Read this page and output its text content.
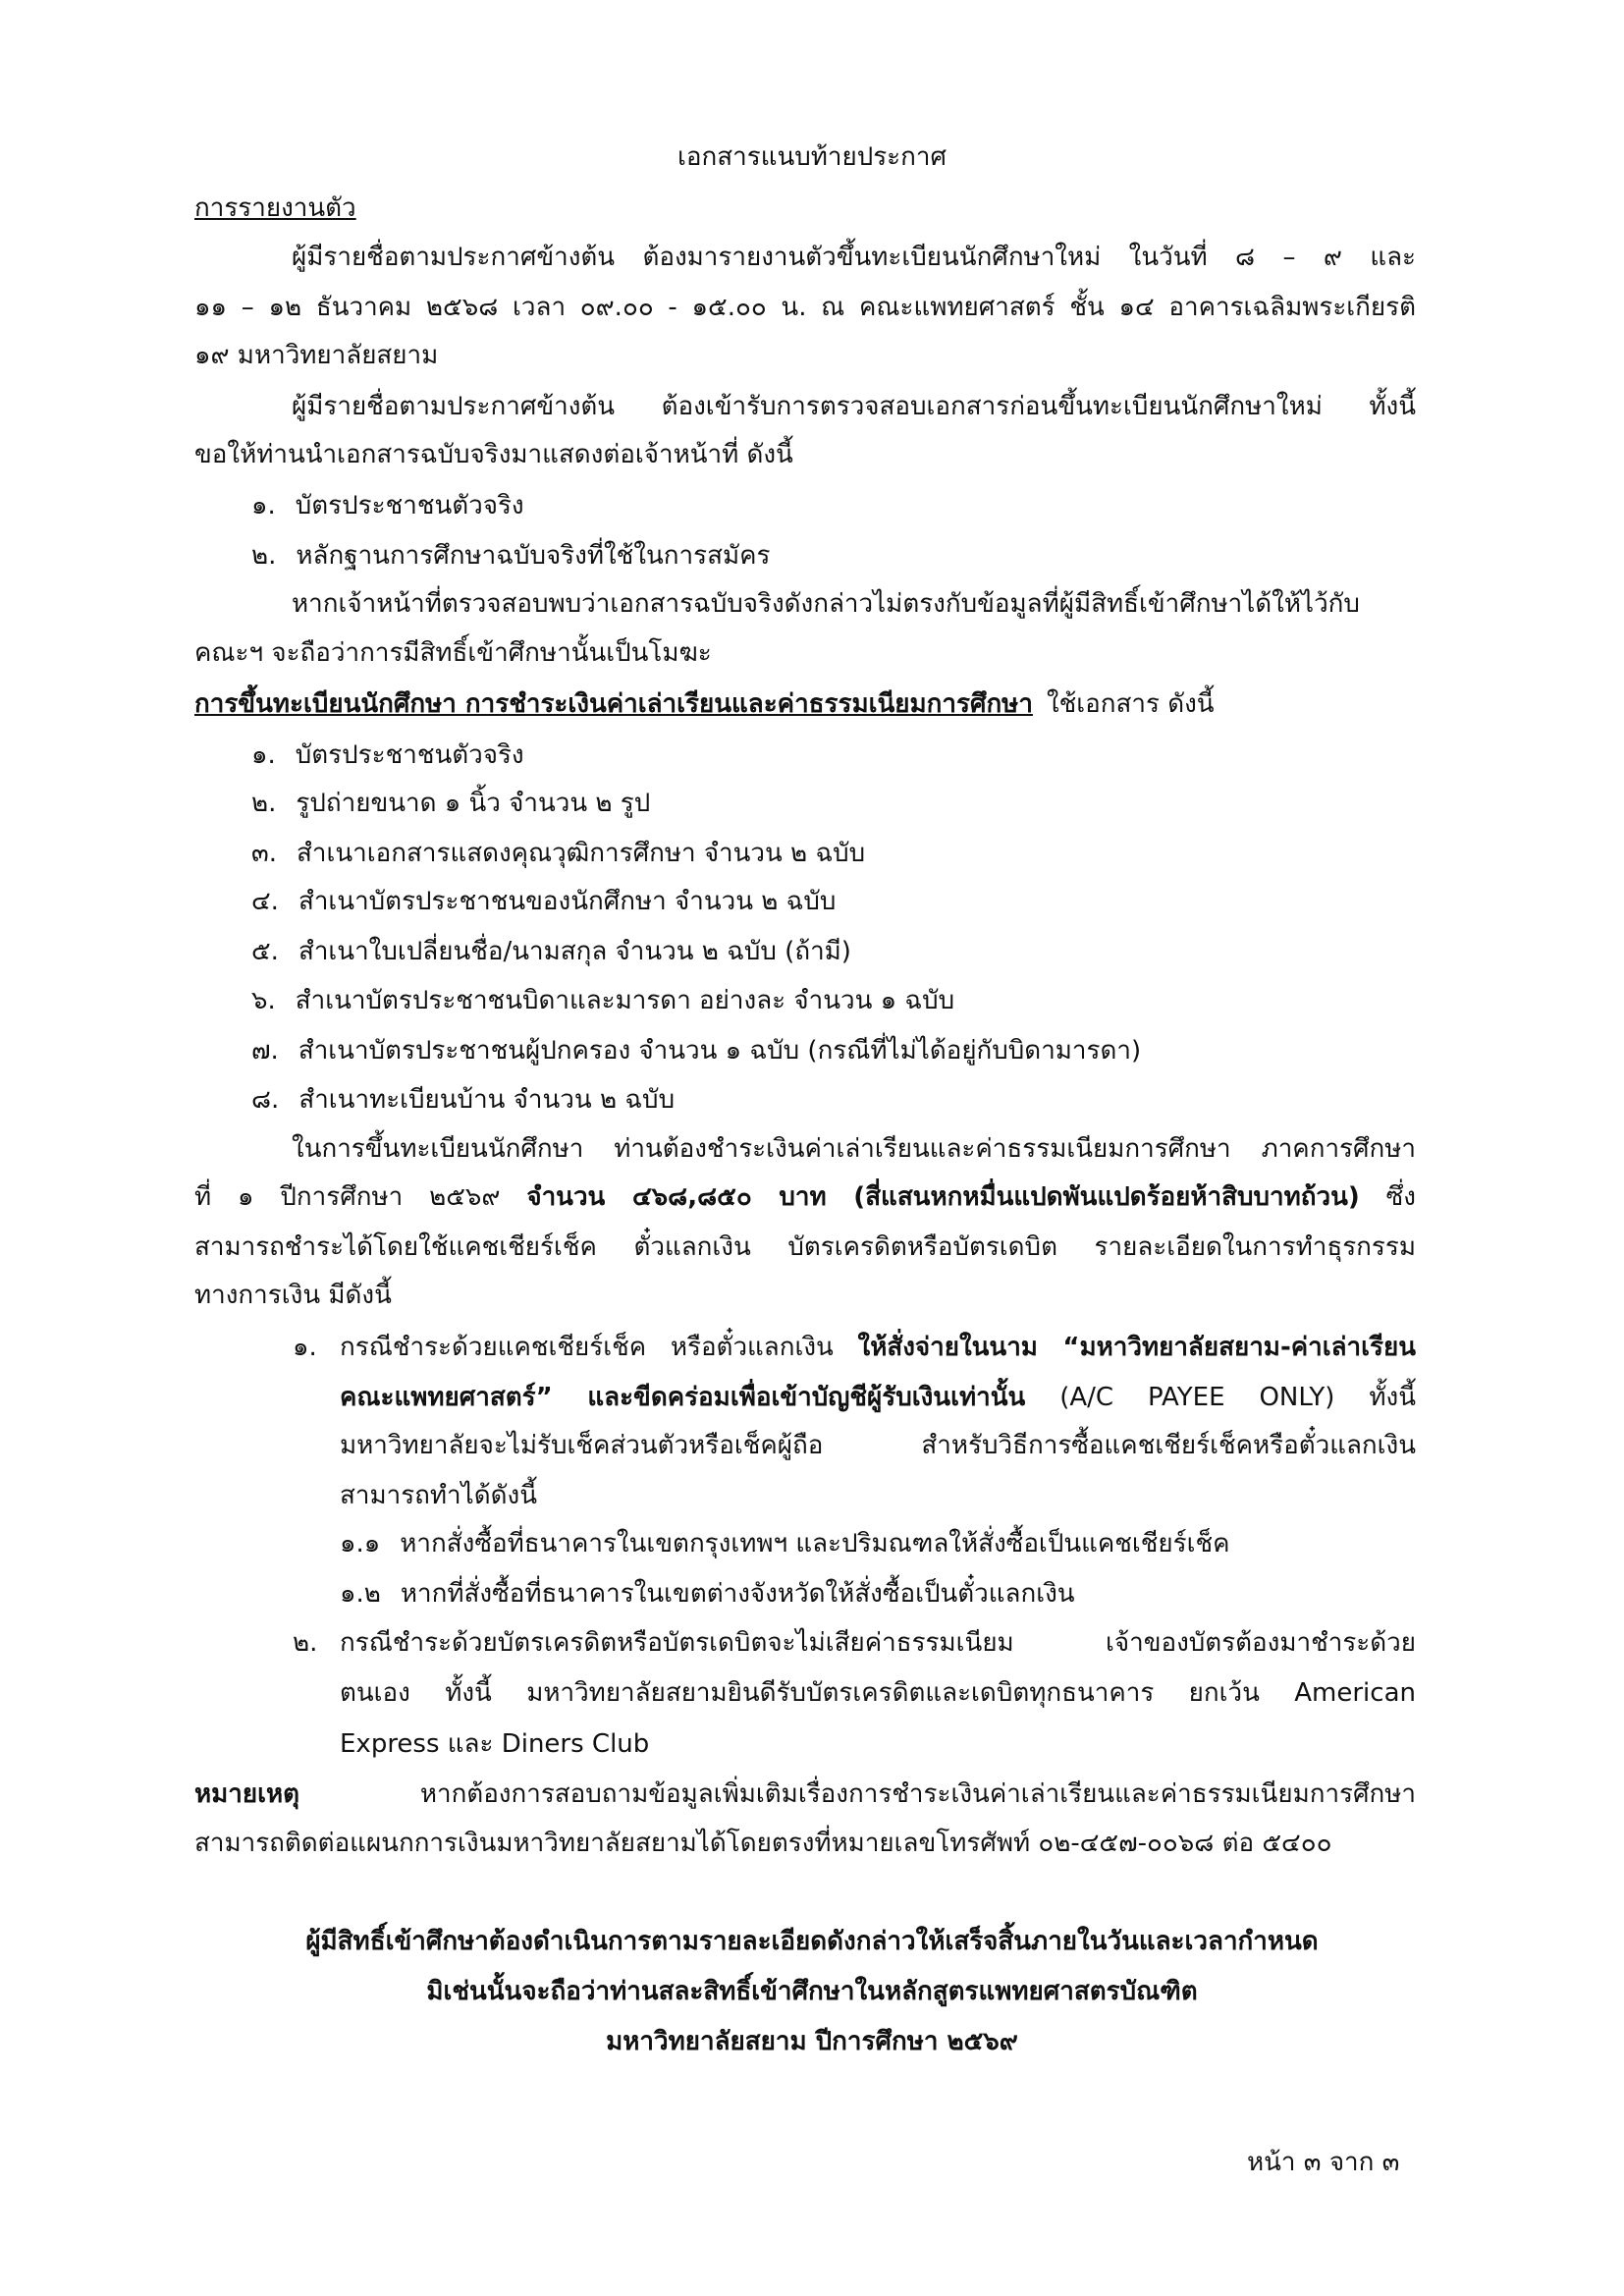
เอกสารแนบท้ายประกาศ
การรายงานตัว
ผู้มีรายชื่อตามประกาศข้างต้น ต้องมารายงานตัวขึ้นทะเบียนนักศึกษาใหม่ ในวันที่ ๘ – ๙ และ
๑๑ – ๑๒ ธันวาคม ๒๕๖๘ เวลา ๐๙.๐๐ - ๑๕.๐๐ น. ณ คณะแพทยศาสตร์ ชั้น ๑๔ อาคารเฉลิมพระเกียรติ
๑๙ มหาวิทยาลัยสยาม
ผู้มีรายชื่อตามประกาศข้างต้น ต้องเข้ารับการตรวจสอบเอกสารก่อนขึ้นทะเบียนนักศึกษาใหม่ ทั้งนี้
ขอให้ท่านนำเอกสารฉบับจริงมาแสดงต่อเจ้าหน้าที่ ดังนี้
๑. บัตรประชาชนตัวจริง
๒. หลักฐานการศึกษาฉบับจริงที่ใช้ในการสมัคร
หากเจ้าหน้าที่ตรวจสอบพบว่าเอกสารฉบับจริงดังกล่าวไม่ตรงกับข้อมูลที่ผู้มีสิทธิ์เข้าศึกษาได้ให้ไว้กับ
คณะฯ จะถือว่าการมีสิทธิ์เข้าศึกษานั้นเป็นโมฆะ
การขึ้นทะเบียนนักศึกษา การชำระเงินค่าเล่าเรียนและค่าธรรมเนียมการศึกษา ใช้เอกสาร ดังนี้
๑. บัตรประชาชนตัวจริง
๒. รูปถ่ายขนาด ๑ นิ้ว จำนวน ๒ รูป
๓. สำเนาเอกสารแสดงคุณวุฒิการศึกษา จำนวน ๒ ฉบับ
๔. สำเนาบัตรประชาชนของนักศึกษา จำนวน ๒ ฉบับ
๕. สำเนาใบเปลี่ยนชื่อ/นามสกุล จำนวน ๒ ฉบับ (ถ้ามี)
๖. สำเนาบัตรประชาชนบิดาและมารดา อย่างละ จำนวน ๑ ฉบับ
๗. สำเนาบัตรประชาชนผู้ปกครอง จำนวน ๑ ฉบับ (กรณีที่ไม่ได้อยู่กับบิดามารดา)
๘. สำเนาทะเบียนบ้าน จำนวน ๒ ฉบับ
ในการขึ้นทะเบียนนักศึกษา ท่านต้องชำระเงินค่าเล่าเรียนและค่าธรรมเนียมการศึกษา ภาคการศึกษา
ที่ ๑ ปีการศึกษา ๒๕๖๙ จำนวน ๔๖๘,๘๕๐ บาท (สี่แสนหกหมื่นแปดพันแปดร้อยห้าสิบบาทถ้วน) ซึ่ง
สามารถชำระได้โดยใช้แคชเชียร์เช็ค ตั๋วแลกเงิน บัตรเครดิตหรือบัตรเดบิต รายละเอียดในการทำธุรกรรม
ทางการเงิน มีดังนี้
๑. กรณีชำระด้วยแคชเชียร์เช็ค หรือตั๋วแลกเงิน ให้สั่งจ่ายในนาม “มหาวิทยาลัยสยาม-ค่าเล่าเรียน
คณะแพทยศาสตร์” และขีดคร่อมเพื่อเข้าบัญชีผู้รับเงินเท่านั้น (A/C PAYEE ONLY) ทั้งนี้
มหาวิทยาลัยจะไม่รับเช็คส่วนตัวหรือเช็คผู้ถือ สำหรับวิธีการซื้อแคชเชียร์เช็คหรือตั๋วแลกเงิน
สามารถทำได้ดังนี้
๑.๑ หากสั่งซื้อที่ธนาคารในเขตกรุงเทพฯ และปริมณฑลให้สั่งซื้อเป็นแคชเชียร์เช็ค
๑.๒ หากที่สั่งซื้อที่ธนาคารในเขตต่างจังหวัดให้สั่งซื้อเป็นตั๋วแลกเงิน
๒. กรณีชำระด้วยบัตรเครดิตหรือบัตรเดบิตจะไม่เสียค่าธรรมเนียม เจ้าของบัตรต้องมาชำระด้วย
ตนเอง ทั้งนี้ มหาวิทยาลัยสยามยินดีรับบัตรเครดิตและเดบิตทุกธนาคาร ยกเว้น American
Express และ Diners Club
หมายเหตุ หากต้องการสอบถามข้อมูลเพิ่มเติมเรื่องการชำระเงินค่าเล่าเรียนและค่าธรรมเนียมการศึกษา
สามารถติดต่อแผนกการเงินมหาวิทยาลัยสยามได้โดยตรงที่หมายเลขโทรศัพท์ ๐๒-๔๕๗-๐๐๖๘ ต่อ ๕๔๐๐
ผู้มีสิทธิ์เข้าศึกษาต้องดำเนินการตามรายละเอียดดังกล่าวให้เสร็จสิ้นภายในวันและเวลากำหนด
มิเช่นนั้นจะถือว่าท่านสละสิทธิ์เข้าศึกษาในหลักสูตรแพทยศาสตรบัณฑิต
มหาวิทยาลัยสยาม ปีการศึกษา ๒๕๖๙
หน้า ๓ จาก ๓
